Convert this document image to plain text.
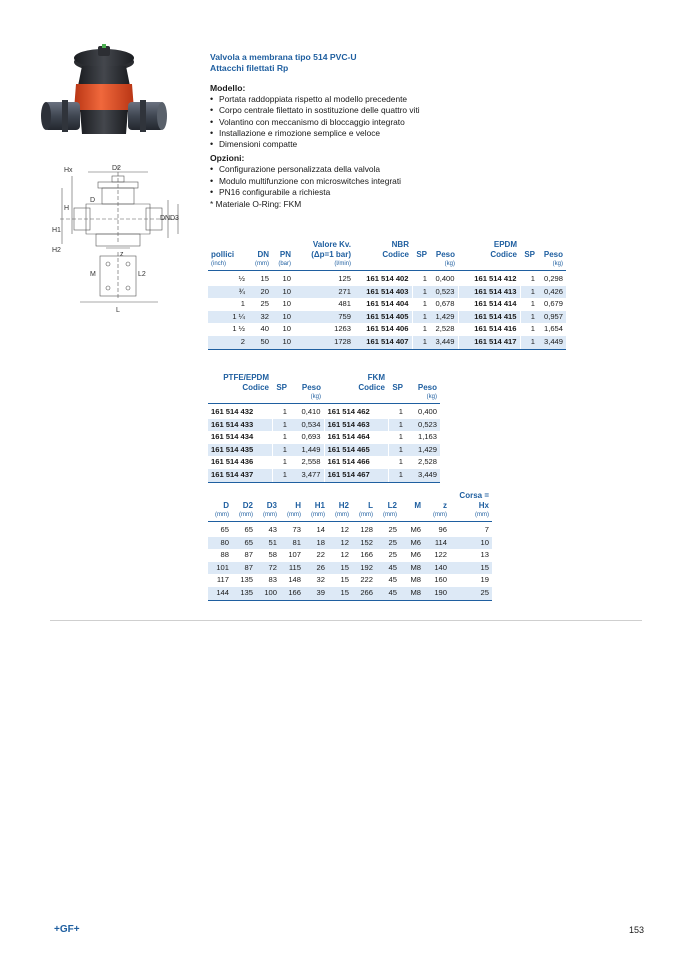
Hx	D2
D
H
D3
DN
H1
H2
z
L2
M
L
Valvola a membrana tipo 514 PVC-U
Attacchi filettati Rp
Modello:
• Portata raddoppiata rispetto al modello precedente
• Corpo centrale filettato in sostituzione delle quattro viti
• Volantino con meccanismo di bloccaggio integrato
• Installazione e rimozione semplice e veloce
• Dimensioni compatte
Opzioni:
• Configurazione personalizzata della valvola
• Modulo multifunzione con microswitches integrati
• PN16 configurabile a richiesta
* Materiale O-Ring: FKM
pollici	DN	PN	Valore Kv.
(Δp=1 bar)	NBR
Codice	SP	Peso	EPDM
Codice	SP	Peso

(inch)	(mm)	(bar)	(l/min)			(kg)			(kg)

½	15	10	125	161 514 402	1	0,400	161 514 412	1	0,298
¾	20	10	271	161 514 403	1	0,523	161 514 413	1	0,426
1	25	10	481	161 514 404	1	0,678	161 514 414	1	0,679
1 ¼	32	10	759	161 514 405	1	1,429	161 514 415	1	0,957
1 ½	40	10	1263	161 514 406	1	2,528	161 514 416	1	1,654
2	50	10	1728	161 514 407	1	3,449	161 514 417	1	3,449
PTFE/EPDM
Codice	SP	Peso	FKM
Codice	SP	Peso

		(kg)			(kg)

161 514 432	1	0,410	161 514 462	1	0,400
161 514 433	1	0,534	161 514 463	1	0,523
161 514 434	1	0,693	161 514 464	1	1,163
161 514 435	1	1,449	161 514 465	1	1,429
161 514 436	1	2,558	161 514 466	1	2,528
161 514 437	1	3,477	161 514 467	1	3,449
D	D2	D3	H	H1	H2	L	L2	M	z	Corsa =
Hx

(mm)	(mm)	(mm)	(mm)	(mm)	(mm)	(mm)	(mm)		(mm)	(mm)

65	65	43	73	14	12	128	25	M6	96	7
80	65	51	81	18	12	152	25	M6	114	10
88	87	58	107	22	12	166	25	M6	122	13
101	87	72	115	26	15	192	45	M8	140	15
117	135	83	148	32	15	222	45	M8	160	19
144	135	100	166	39	15	266	45	M8	190	25
+GF+	153
